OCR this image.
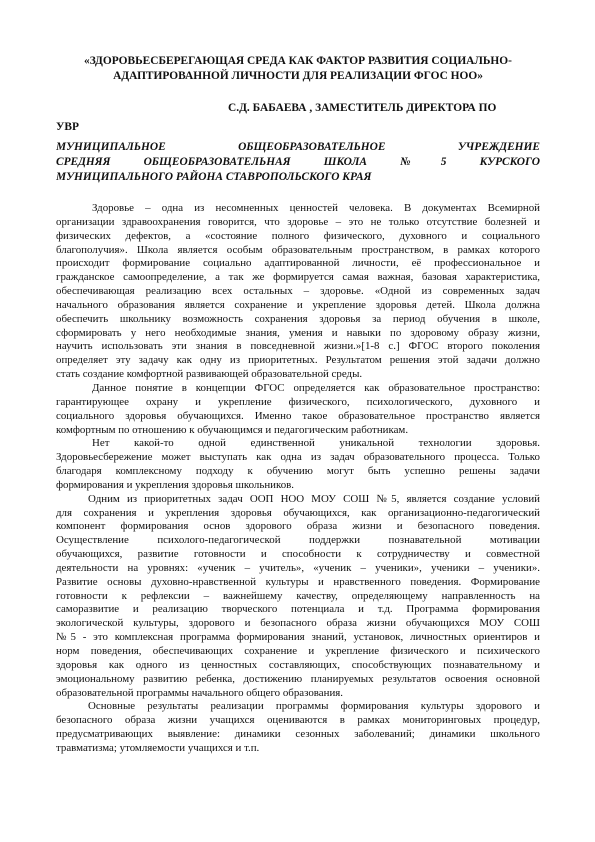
«ЗДОРОВЬЕСБЕРЕГАЮЩАЯ СРЕДА КАК ФАКТОР РАЗВИТИЯ СОЦИАЛЬНО-
АДАПТИРОВАННОЙ ЛИЧНОСТИ ДЛЯ РЕАЛИЗАЦИИ ФГОС НОО»
С.Д. БАБАЕВА , ЗАМЕСТИТЕЛЬ ДИРЕКТОРА ПО
УВР
МУНИЦИПАЛЬНОЕ ОБЩЕОБРАЗОВАТЕЛЬНОЕ УЧРЕЖДЕНИЕ
СРЕДНЯЯ ОБЩЕОБРАЗОВАТЕЛЬНАЯ ШКОЛА №5 КУРСКОГО
МУНИЦИПАЛЬНОГО РАЙОНА СТАВРОПОЛЬСКОГО КРАЯ
Здоровье – одна из несомненных ценностей человека. В документах Всемирной
организации здравоохранения говорится, что здоровье – это не только отсутствие болезней и
физических дефектов, а «состояние полного физического, духовного и социального
благополучия». Школа является особым образовательным пространством, в рамках которого
происходит формирование социально адаптированной личности, её профессиональное и
гражданское самоопределение, а так же формируется самая важная, базовая характеристика,
обеспечивающая реализацию всех остальных – здоровье. «Одной из современных задач
начального образования является сохранение и укрепление здоровья детей. Школа должна
обеспечить школьнику возможность сохранения здоровья за период обучения в школе,
сформировать у него необходимые знания, умения и навыки по здоровому образу жизни,
научить использовать эти знания в повседневной жизни.»[1-8 с.] ФГОС второго поколения
определяет эту задачу как одну из приоритетных. Результатом решения этой задачи должно
стать создание комфортной развивающей образовательной среды.
Данное понятие в концепции ФГОС определяется как образовательное пространство:
гарантирующее охрану и укрепление физического, психологического, духовного и
социального здоровья обучающихся. Именно такое образовательное пространство является
комфортным по отношению к обучающимся и педагогическим работникам.
Нет какой-то одной единственной уникальной технологии здоровья.
Здоровьесбережение может выступать как одна из задач образовательного процесса. Только
благодаря комплексному подходу к обучению могут быть успешно решены задачи
формирования и укрепления здоровья школьников.
Одним из приоритетных задач ООП НОО МОУ СОШ №5, является создание условий
для сохранения и укрепления здоровья обучающихся, как организационно-педагогический
компонент формирования основ здорового образа жизни и безопасного поведения.
Осуществление психолого-педагогической поддержки познавательной мотивации
обучающихся, развитие готовности и способности к сотрудничеству и совместной
деятельности на уровнях: «ученик – учитель», «ученик – ученики», ученики – ученики».
Развитие основы духовно-нравственной культуры и нравственного поведения. Формирование
готовности к рефлексии – важнейшему качеству, определяющему направленность на
саморазвитие и реализацию творческого потенциала и т.д. Программа формирования
экологической культуры, здорового и безопасного образа жизни обучающихся МОУ СОШ
№5 - это комплексная программа формирования знаний, установок, личностных ориентиров и
норм поведения, обеспечивающих сохранение и укрепление физического и психического
здоровья как одного из ценностных составляющих, способствующих познавательному и
эмоциональному развитию ребенка, достижению планируемых результатов освоения основной
образовательной программы начального общего образования.
Основные результаты реализации программы формирования культуры здорового и
безопасного образа жизни учащихся оцениваются в рамках мониторинговых процедур,
предусматривающих выявление: динамики сезонных заболеваний; динамики школьного
травматизма; утомляемости учащихся и т.п.
